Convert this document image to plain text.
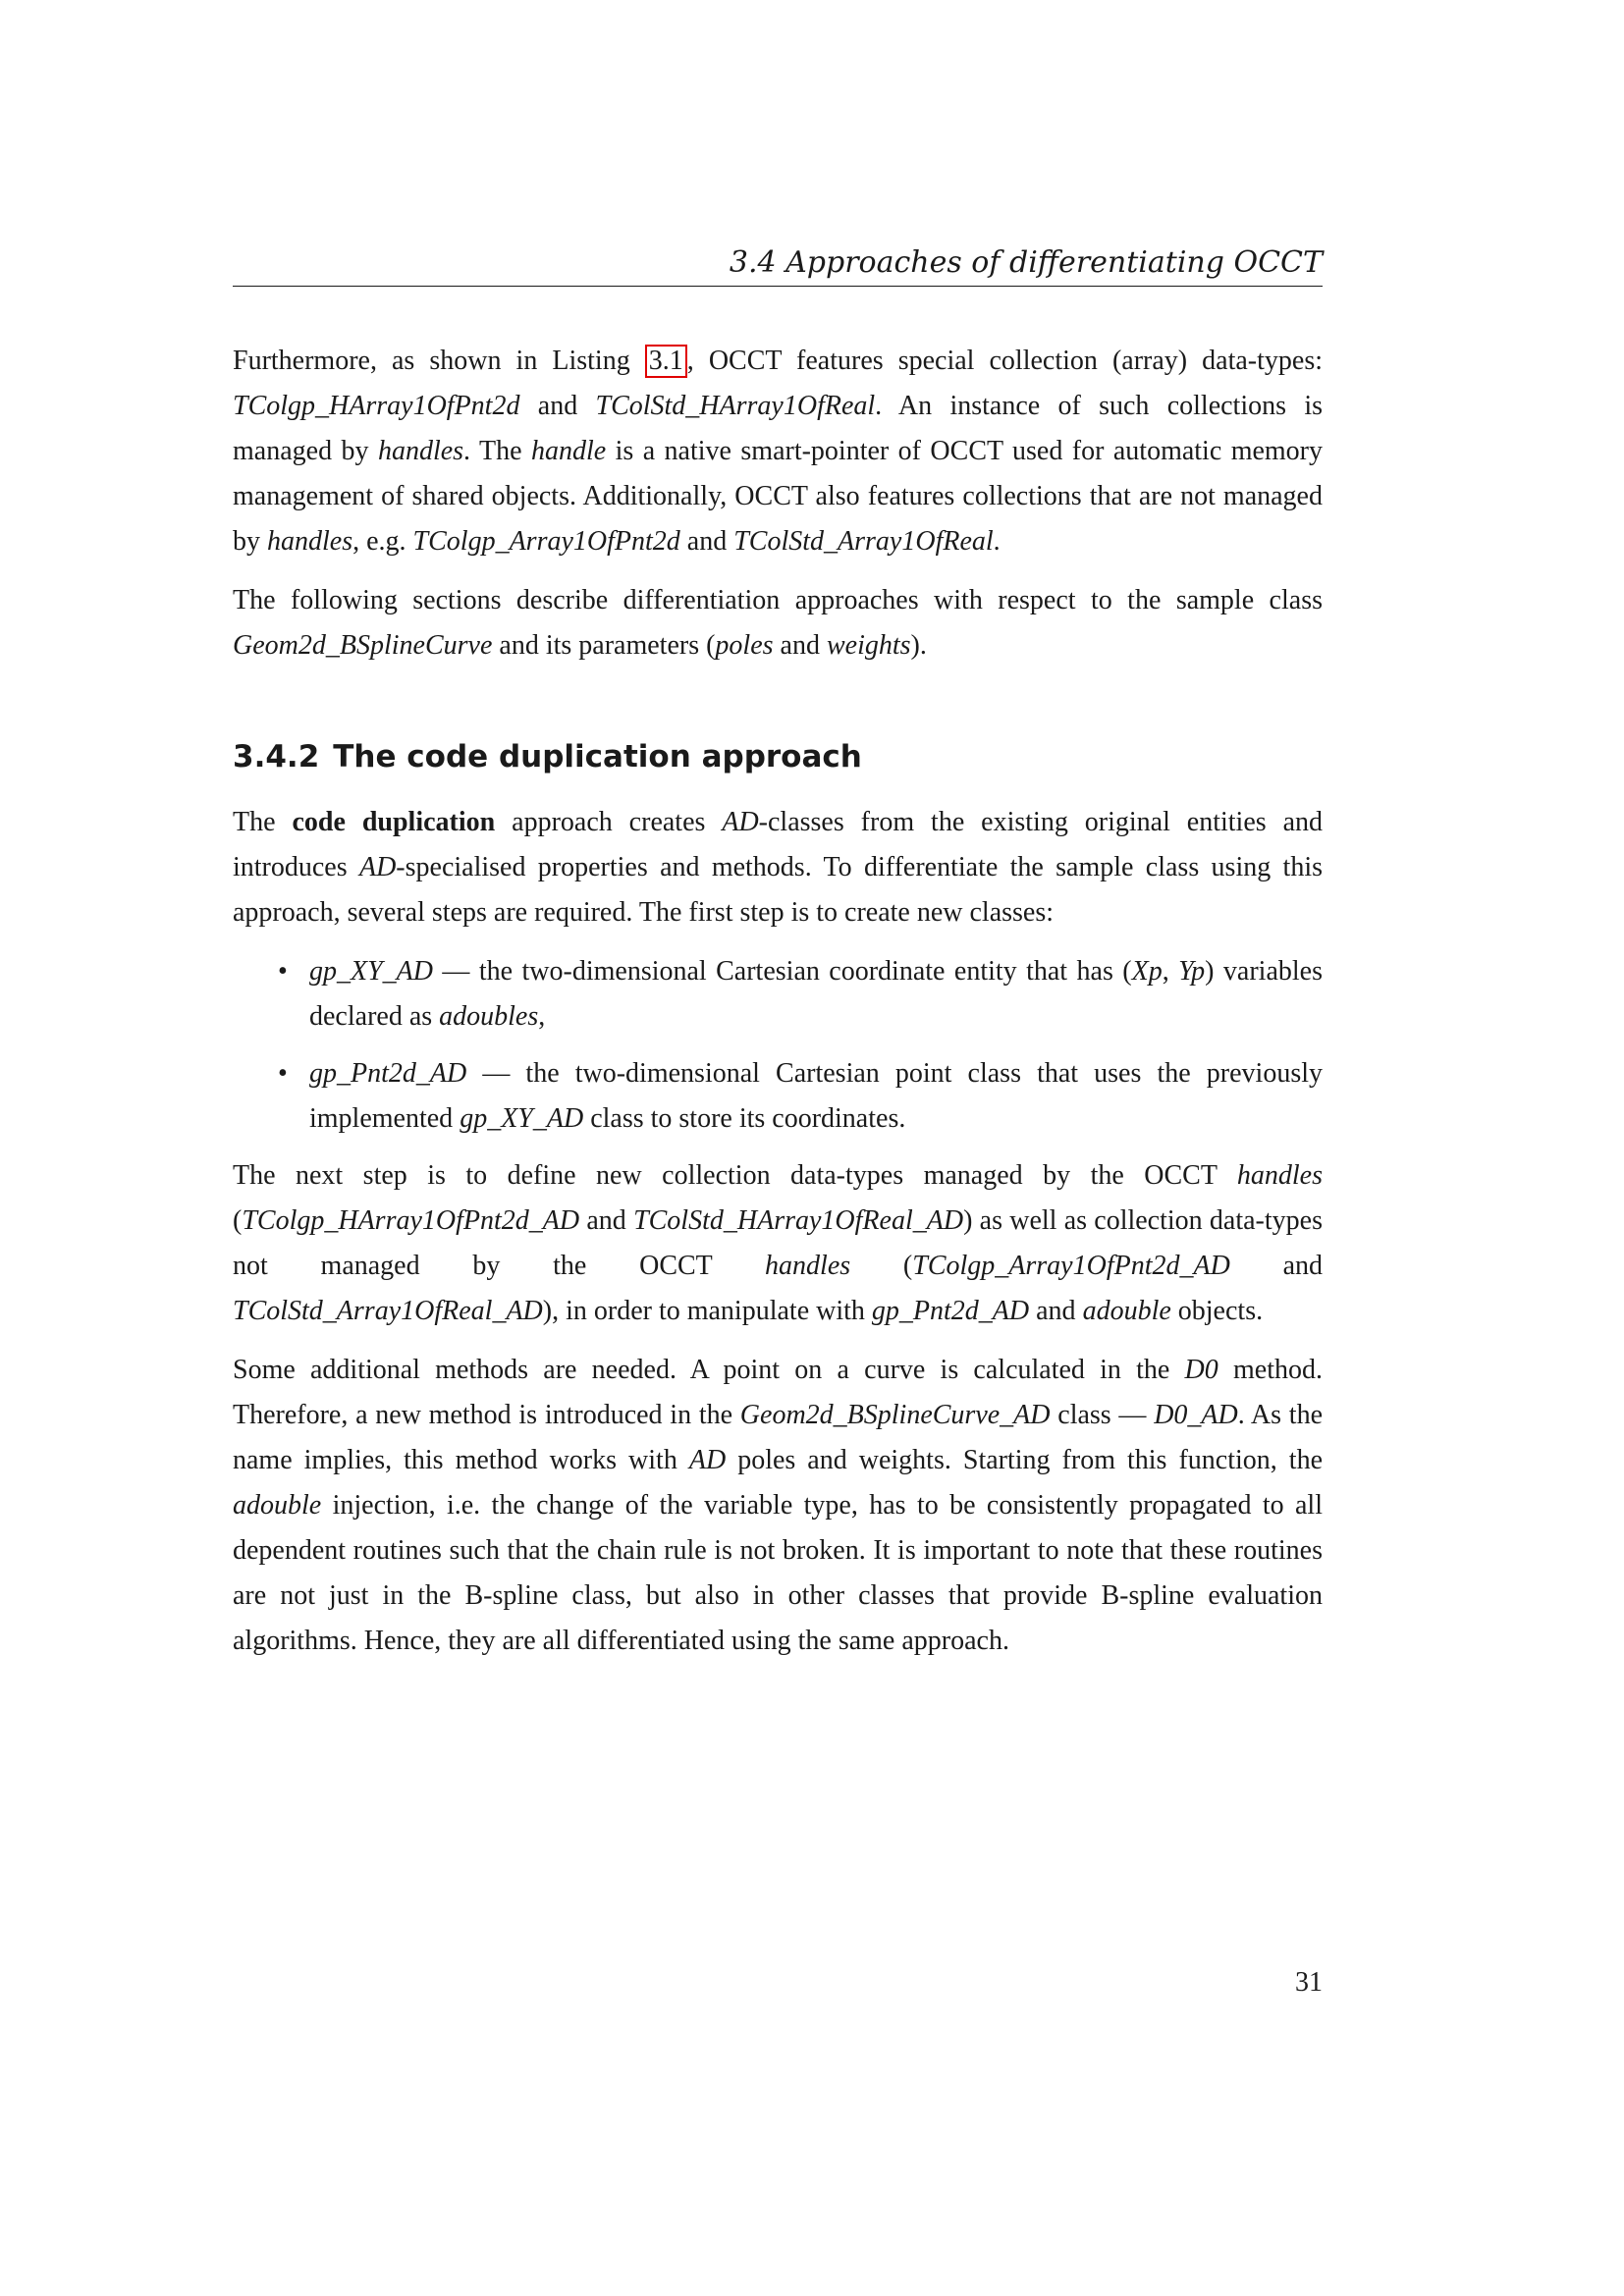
3.4 Approaches of differentiating OCCT

Furthermore, as shown in Listing 3.1 , OCCT features special collection (array) data-types: TColgp_HArray1OfPnt2d and TColStd_HArray1OfReal. An instance of such collections is managed by handles. The handle is a native smart-pointer of OCCT used for automatic memory management of shared objects. Additionally, OCCT also features collections that are not managed by handles, e.g. TColgp_Array1OfPnt2d and TColStd_Array1OfReal.

The following sections describe differentiation approaches with respect to the sample class Geom2d_BSplineCurve and its parameters (poles and weights).

3.4.2 The code duplication approach

The code duplication approach creates AD-classes from the existing original entities and introduces AD-specialised properties and methods. To differentiate the sample class using this approach, several steps are required. The first step is to create new classes:

• gp_XY_AD — the two-dimensional Cartesian coordinate entity that has (Xp, Yp) variables declared as adoubles,
• gp_Pnt2d_AD — the two-dimensional Cartesian point class that uses the previously implemented gp_XY_AD class to store its coordinates.

The next step is to define new collection data-types managed by the OCCT handles (TColgp_HArray1OfPnt2d_AD and TColStd_HArray1OfReal_AD) as well as collection data-types not managed by the OCCT handles (TColgp_Array1OfPnt2d_AD and TColStd_Array1OfReal_AD), in order to manipulate with gp_Pnt2d_AD and adouble objects.

Some additional methods are needed. A point on a curve is calculated in the D0 method. Therefore, a new method is introduced in the Geom2d_BSplineCurve_AD class — D0_AD. As the name implies, this method works with AD poles and weights. Starting from this function, the adouble injection, i.e. the change of the variable type, has to be consistently propagated to all dependent routines such that the chain rule is not broken. It is important to note that these routines are not just in the B-spline class, but also in other classes that provide B-spline evaluation algorithms. Hence, they are all differentiated using the same approach.

31
